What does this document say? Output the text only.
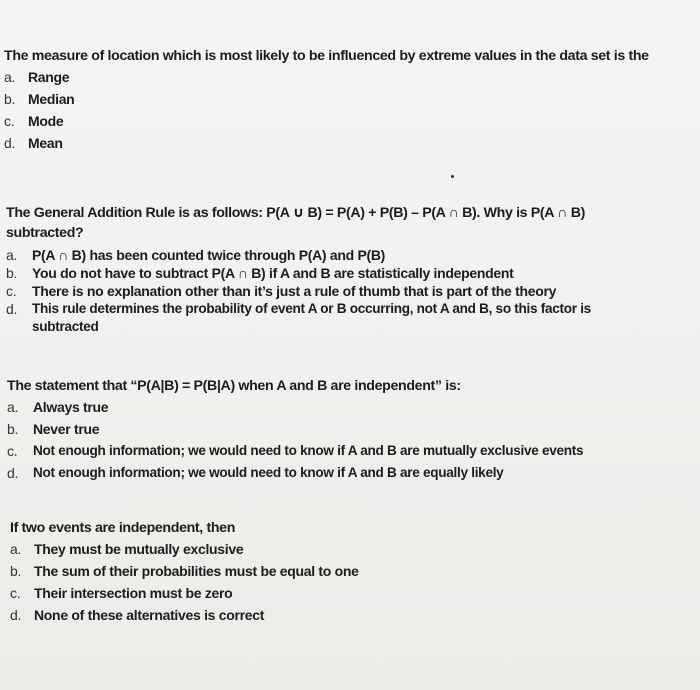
The measure of location which is most likely to be influenced by extreme values in the data set is the
a. Range
b. Median
c. Mode
d. Mean
The General Addition Rule is as follows: P(A ∪ B) = P(A) + P(B) – P(A ∩ B). Why is P(A ∩ B)
subtracted?
a.	P(A ∩ B) has been counted twice through P(A) and P(B)
b.	You do not have to subtract P(A ∩ B) if A and B are statistically independent
c.	There is no explanation other than it’s just a rule of thumb that is part of the theory
d.	This rule determines the probability of event A or B occurring, not A and B, so this factor is subtracted
The statement that “P(A|B) = P(B|A) when A and B are independent” is:
a.	Always true
b.	Never true
c.	Not enough information; we would need to know if A and B are mutually exclusive events
d.	Not enough information; we would need to know if A and B are equally likely
If two events are independent, then
a. They must be mutually exclusive
b. The sum of their probabilities must be equal to one
c. Their intersection must be zero
d. None of these alternatives is correct
